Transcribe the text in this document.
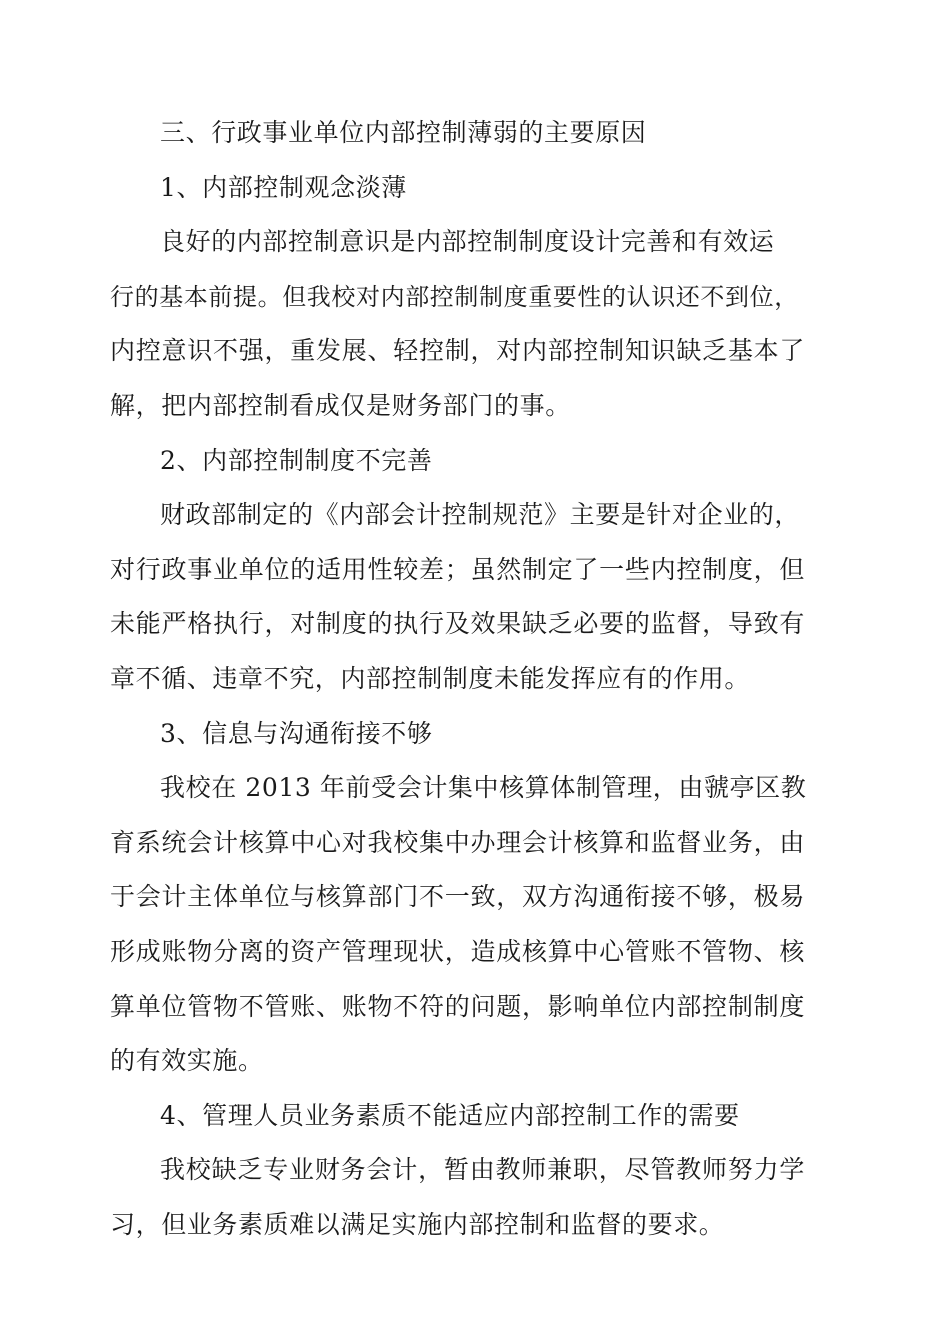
三、行政事业单位内部控制薄弱的主要原因
1、内部控制观念淡薄
良好的内部控制意识是内部控制制度设计完善和有效运
行的基本前提。但我校对内部控制制度重要性的认识还不到位，
内控意识不强，重发展、轻控制，对内部控制知识缺乏基本了
解，把内部控制看成仅是财务部门的事。
2、内部控制制度不完善
财政部制定的《内部会计控制规范》主要是针对企业的，
对行政事业单位的适用性较差；虽然制定了一些内控制度，但
未能严格执行，对制度的执行及效果缺乏必要的监督，导致有
章不循、违章不究，内部控制制度未能发挥应有的作用。
3、信息与沟通衔接不够
我校在 2013 年前受会计集中核算体制管理，由虢亭区教
育系统会计核算中心对我校集中办理会计核算和监督业务，由
于会计主体单位与核算部门不一致，双方沟通衔接不够，极易
形成账物分离的资产管理现状，造成核算中心管账不管物、核
算单位管物不管账、账物不符的问题，影响单位内部控制制度
的有效实施。
4、管理人员业务素质不能适应内部控制工作的需要
我校缺乏专业财务会计，暂由教师兼职，尽管教师努力学
习，但业务素质难以满足实施内部控制和监督的要求。
